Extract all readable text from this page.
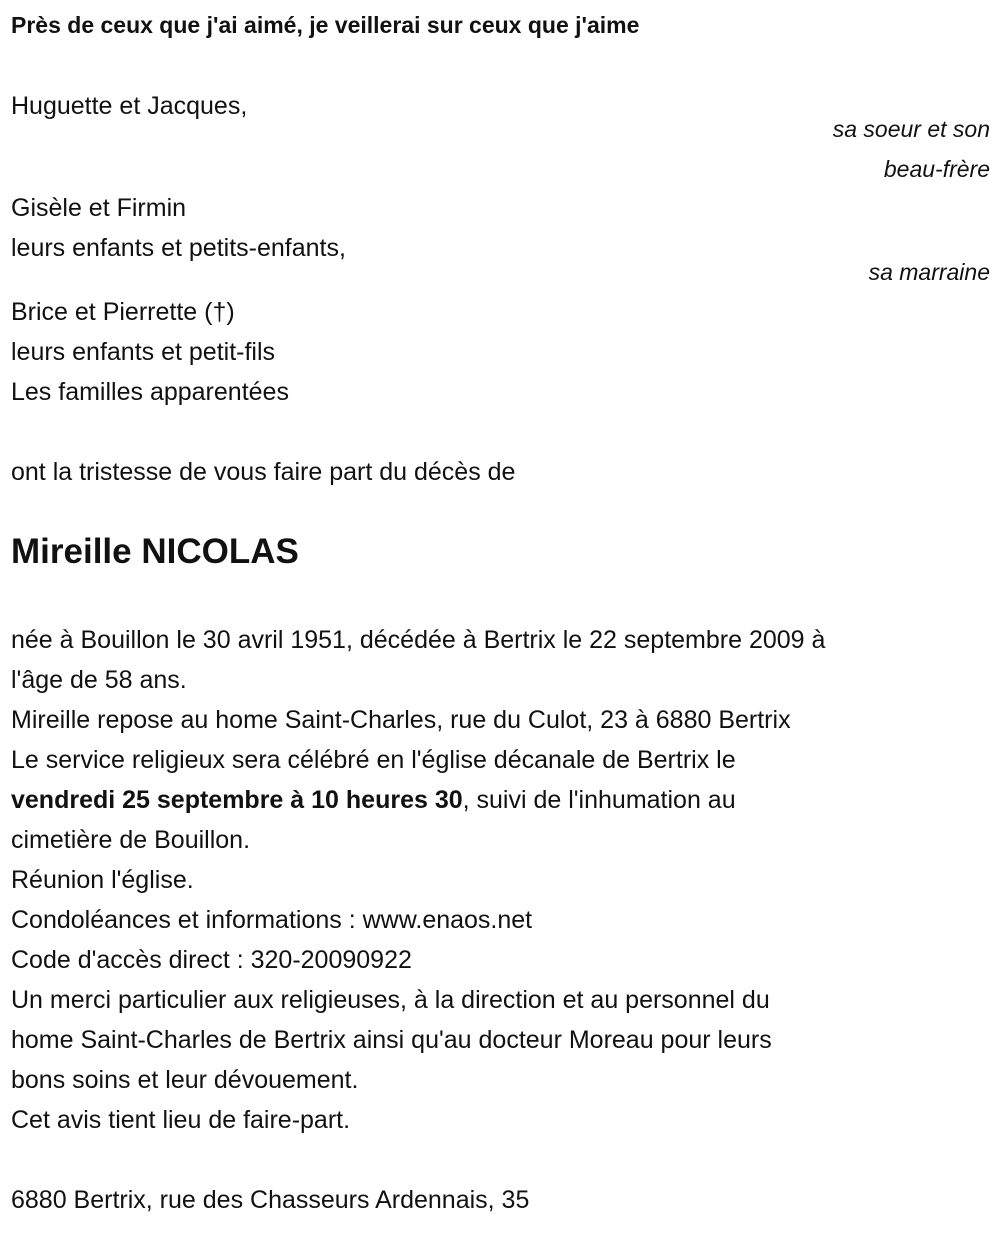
Près de ceux que j'ai aimé, je veillerai sur ceux que j'aime
Huguette et Jacques,
sa soeur et son
beau-frère
Gisèle et Firmin
leurs enfants et petits-enfants,
sa marraine
Brice et Pierrette (†)
leurs enfants et petit-fils
Les familles apparentées
ont la tristesse de vous faire part du décès de
Mireille NICOLAS
née à Bouillon le 30 avril 1951, décédée à Bertrix le 22 septembre 2009 à
l'âge de 58 ans.
Mireille repose au home Saint-Charles, rue du Culot, 23 à 6880 Bertrix
Le service religieux sera célébré en l'église décanale de Bertrix le
vendredi 25 septembre à 10 heures 30, suivi de l'inhumation au
cimetière de Bouillon.
Réunion l'église.
Condoléances et informations : www.enaos.net
Code d'accès direct : 320-20090922
Un merci particulier aux religieuses, à la direction et au personnel du
home Saint-Charles de Bertrix ainsi qu'au docteur Moreau pour leurs
bons soins et leur dévouement.
Cet avis tient lieu de faire-part.
6880 Bertrix, rue des Chasseurs Ardennais, 35
